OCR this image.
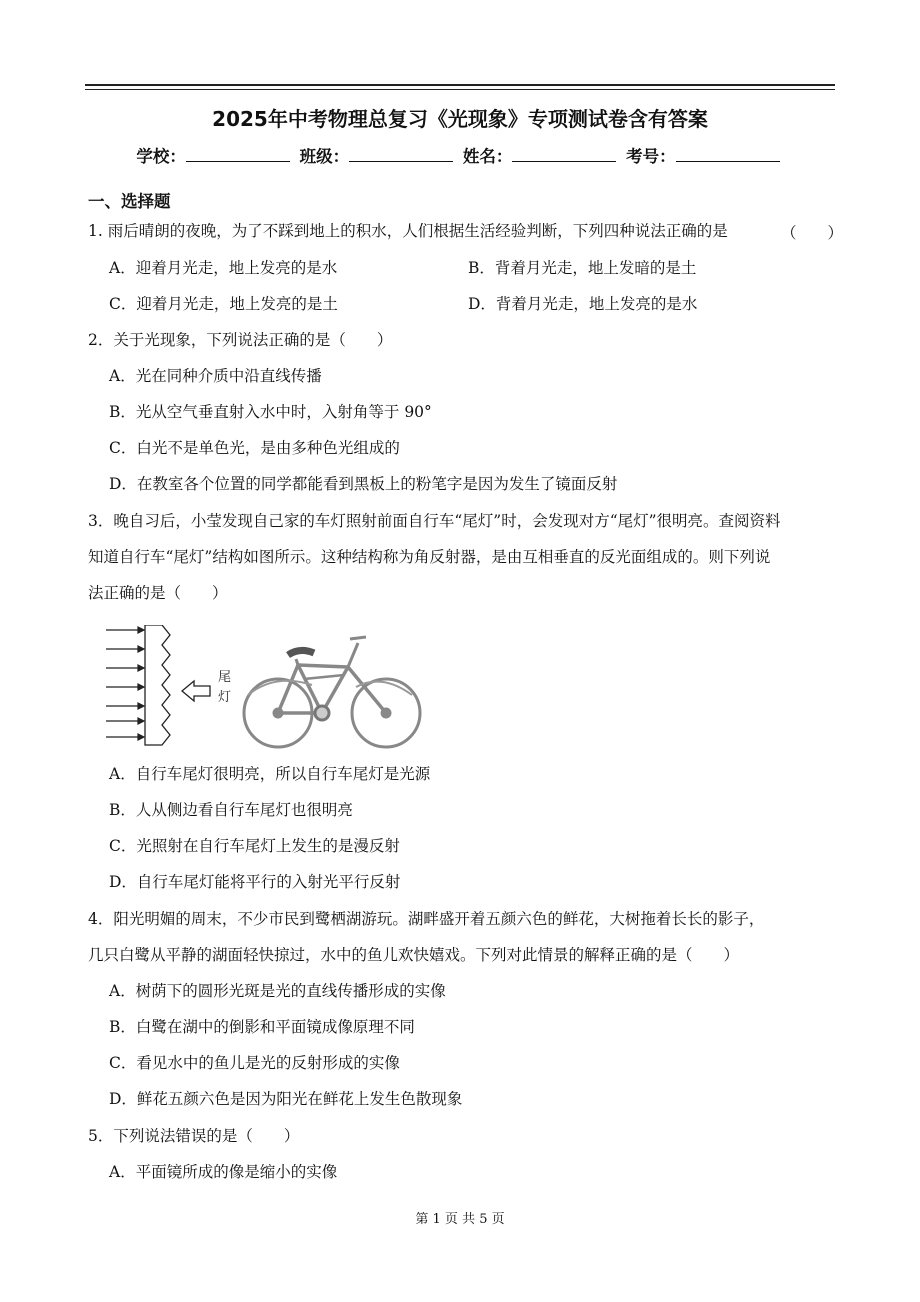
2025年中考物理总复习《光现象》专项测试卷含有答案
学校：	班级：	姓名：	考号：
一、选择题
1. 雨后晴朗的夜晚，为了不踩到地上的积水，人们根据生活经验判断，下列四种说法正确的是	（　　）
A．迎着月光走，地上发亮的是水	B．背着月光走，地上发暗的是土
C．迎着月光走，地上发亮的是土	D．背着月光走，地上发亮的是水
2．关于光现象，下列说法正确的是（　　）
A．光在同种介质中沿直线传播
B．光从空气垂直射入水中时，入射角等于 90°
C．白光不是单色光，是由多种色光组成的
D．在教室各个位置的同学都能看到黑板上的粉笔字是因为发生了镜面反射
3．晚自习后，小莹发现自己家的车灯照射前面自行车“尾灯”时，会发现对方“尾灯”很明亮。查阅资料
知道自行车“尾灯”结构如图所示。这种结构称为角反射器，是由互相垂直的反光面组成的。则下列说
法正确的是（　　）
尾
灯
A．自行车尾灯很明亮，所以自行车尾灯是光源
B．人从侧边看自行车尾灯也很明亮
C．光照射在自行车尾灯上发生的是漫反射
D．自行车尾灯能将平行的入射光平行反射
4．阳光明媚的周末，不少市民到鹭栖湖游玩。湖畔盛开着五颜六色的鲜花，大树拖着长长的影子，
几只白鹭从平静的湖面轻快掠过，水中的鱼儿欢快嬉戏。下列对此情景的解释正确的是（　　）
A．树荫下的圆形光斑是光的直线传播形成的实像
B．白鹭在湖中的倒影和平面镜成像原理不同
C．看见水中的鱼儿是光的反射形成的实像
D．鲜花五颜六色是因为阳光在鲜花上发生色散现象
5．下列说法错误的是（　　）
A．平面镜所成的像是缩小的实像
第 1 页 共 5 页
